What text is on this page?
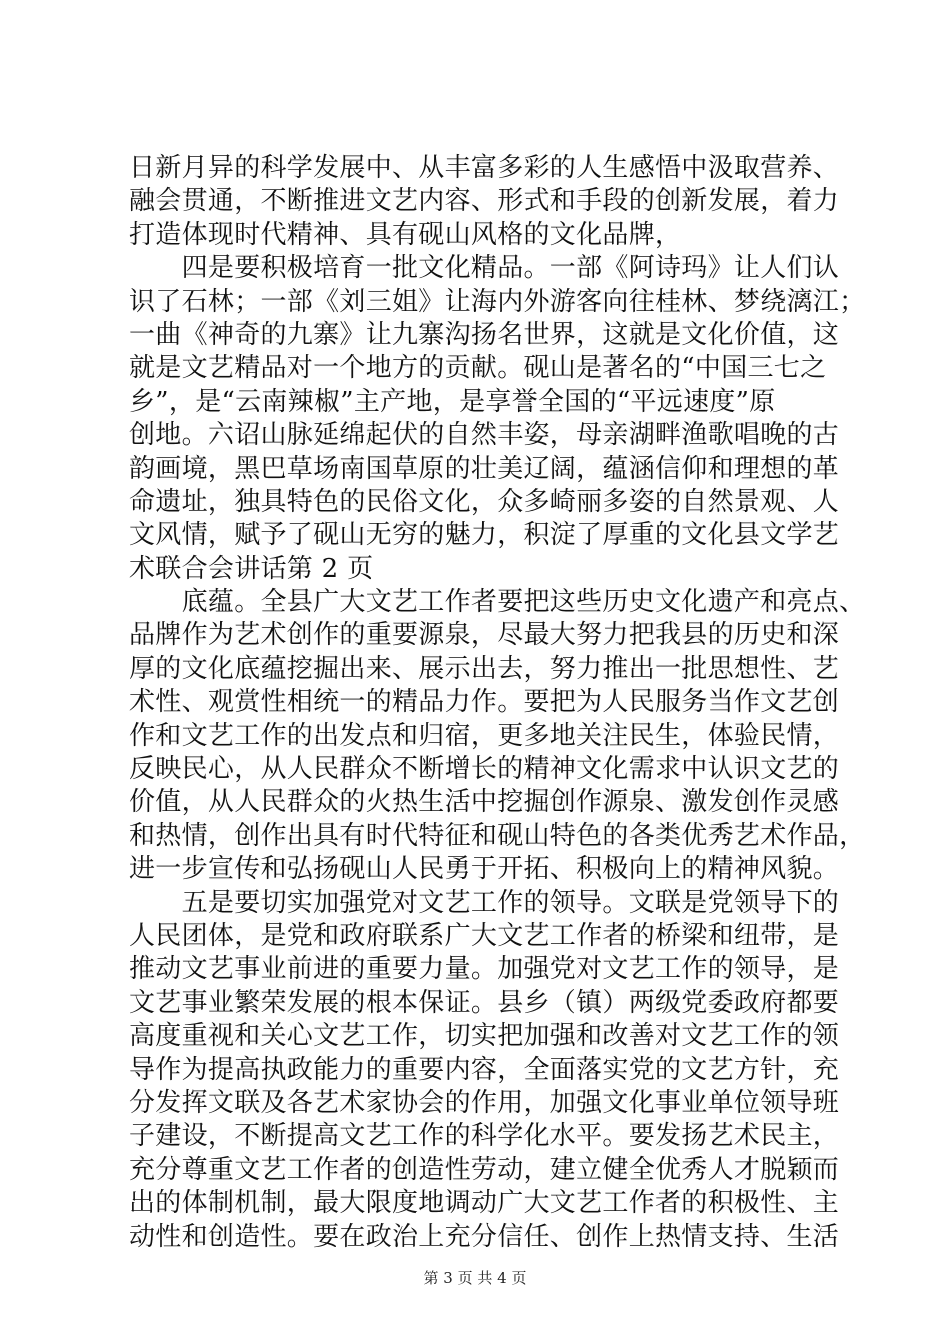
日新月异的科学发展中、从丰富多彩的人生感悟中汲取营养、
融会贯通，不断推进文艺内容、形式和手段的创新发展，着力
打造体现时代精神、具有砚山风格的文化品牌，
　　四是要积极培育一批文化精品。一部《阿诗玛》让人们认
识了石林；一部《刘三姐》让海内外游客向往桂林、梦绕漓江；
一曲《神奇的九寨》让九寨沟扬名世界，这就是文化价值，这
就是文艺精品对一个地方的贡献。砚山是著名的“中国三七之
乡”，是“云南辣椒”主产地，是享誉全国的“平远速度”原
创地。六诏山脉延绵起伏的自然丰姿，母亲湖畔渔歌唱晚的古
韵画境，黑巴草场南国草原的壮美辽阔，蕴涵信仰和理想的革
命遗址，独具特色的民俗文化，众多崎丽多姿的自然景观、人
文风情，赋予了砚山无穷的魅力，积淀了厚重的文化县文学艺
术联合会讲话第 2 页
　　底蕴。全县广大文艺工作者要把这些历史文化遗产和亮点、
品牌作为艺术创作的重要源泉，尽最大努力把我县的历史和深
厚的文化底蕴挖掘出来、展示出去，努力推出一批思想性、艺
术性、观赏性相统一的精品力作。要把为人民服务当作文艺创
作和文艺工作的出发点和归宿，更多地关注民生，体验民情，
反映民心，从人民群众不断增长的精神文化需求中认识文艺的
价值，从人民群众的火热生活中挖掘创作源泉、激发创作灵感
和热情，创作出具有时代特征和砚山特色的各类优秀艺术作品，
进一步宣传和弘扬砚山人民勇于开拓、积极向上的精神风貌。
　　五是要切实加强党对文艺工作的领导。文联是党领导下的
人民团体，是党和政府联系广大文艺工作者的桥梁和纽带，是
推动文艺事业前进的重要力量。加强党对文艺工作的领导，是
文艺事业繁荣发展的根本保证。县乡（镇）两级党委政府都要
高度重视和关心文艺工作，切实把加强和改善对文艺工作的领
导作为提高执政能力的重要内容，全面落实党的文艺方针，充
分发挥文联及各艺术家协会的作用，加强文化事业单位领导班
子建设，不断提高文艺工作的科学化水平。要发扬艺术民主，
充分尊重文艺工作者的创造性劳动，建立健全优秀人才脱颖而
出的体制机制，最大限度地调动广大文艺工作者的积极性、主
动性和创造性。要在政治上充分信任、创作上热情支持、生活
第 3 页 共 4 页
